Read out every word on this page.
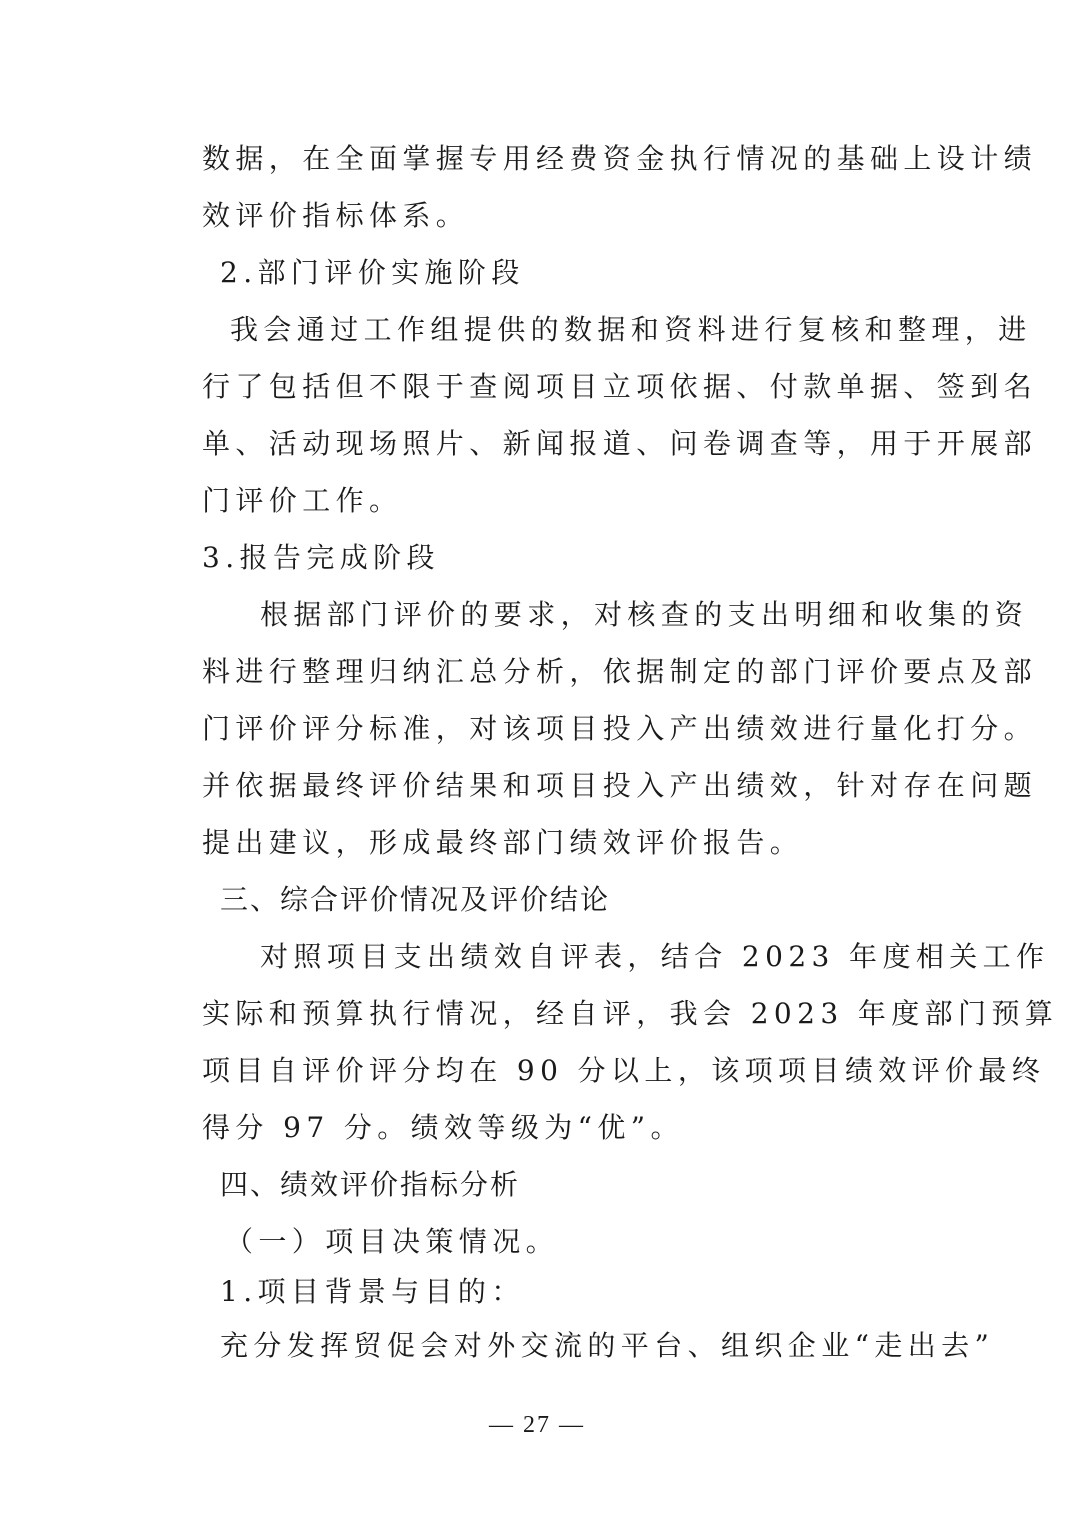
数据，在全面掌握专用经费资金执行情况的基础上设计绩
效评价指标体系。
2.部门评价实施阶段
我会通过工作组提供的数据和资料进行复核和整理，进
行了包括但不限于查阅项目立项依据、付款单据、签到名
单、活动现场照片、新闻报道、问卷调查等，用于开展部
门评价工作。
3.报告完成阶段
根据部门评价的要求，对核查的支出明细和收集的资
料进行整理归纳汇总分析，依据制定的部门评价要点及部
门评价评分标准，对该项目投入产出绩效进行量化打分。
并依据最终评价结果和项目投入产出绩效，针对存在问题
提出建议，形成最终部门绩效评价报告。
三、综合评价情况及评价结论
对照项目支出绩效自评表，结合 2023 年度相关工作
实际和预算执行情况，经自评，我会 2023 年度部门预算
项目自评价评分均在 90 分以上，该项项目绩效评价最终
得分 97 分。绩效等级为“优”。
四、绩效评价指标分析
（一）项目决策情况。
1.项目背景与目的：
充分发挥贸促会对外交流的平台、组织企业“走出去”
— 27 —
